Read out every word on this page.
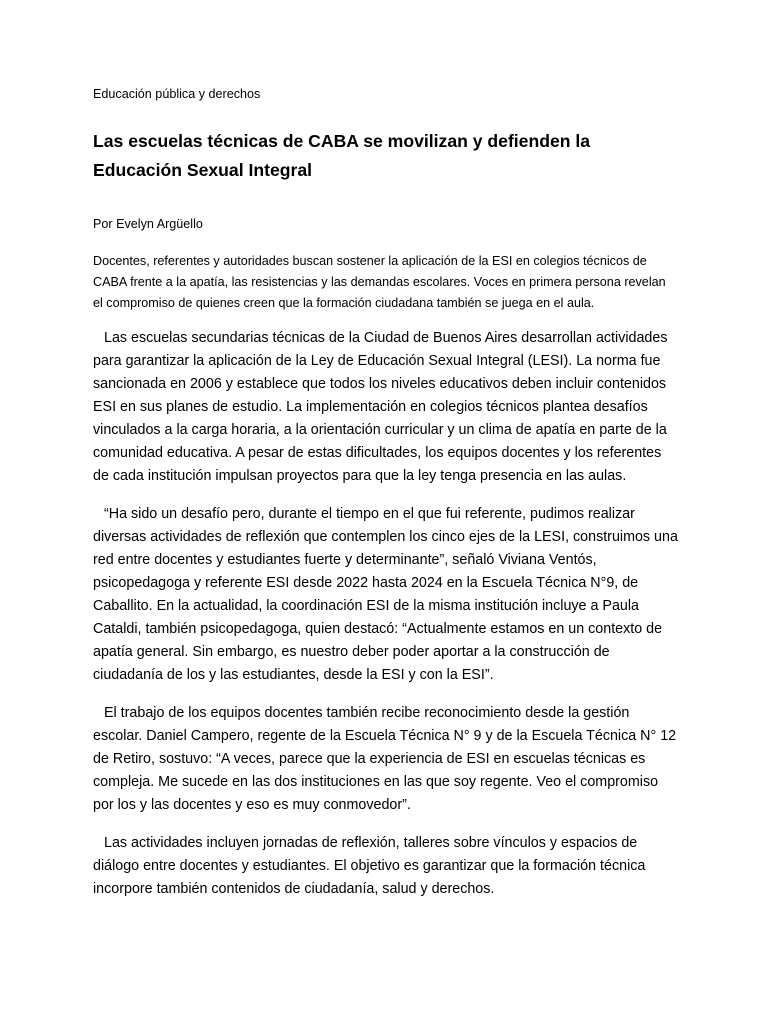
Educación pública y derechos
Las escuelas técnicas de CABA se movilizan y defienden la Educación Sexual Integral
Por Evelyn Argüello

Docentes, referentes y autoridades buscan sostener la aplicación de la ESI en colegios técnicos de CABA frente a la apatía, las resistencias y las demandas escolares. Voces en primera persona revelan el compromiso de quienes creen que la formación ciudadana también se juega en el aula.

Las escuelas secundarias técnicas de la Ciudad de Buenos Aires desarrollan actividades para garantizar la aplicación de la Ley de Educación Sexual Integral (LESI). La norma fue sancionada en 2006 y establece que todos los niveles educativos deben incluir contenidos ESI en sus planes de estudio. La implementación en colegios técnicos plantea desafíos vinculados a la carga horaria, a la orientación curricular y un clima de apatía en parte de la comunidad educativa. A pesar de estas dificultades, los equipos docentes y los referentes de cada institución impulsan proyectos para que la ley tenga presencia en las aulas.

“Ha sido un desafío pero, durante el tiempo en el que fui referente, pudimos realizar diversas actividades de reflexión que contemplen los cinco ejes de la LESI, construimos una red entre docentes y estudiantes fuerte y determinante”, señaló Viviana Ventós, psicopedagoga y referente ESI desde 2022 hasta 2024 en la Escuela Técnica N°9, de Caballito. En la actualidad, la coordinación ESI de la misma institución incluye a Paula Cataldi, también psicopedagoga, quien destacó: “Actualmente estamos en un contexto de apatía general. Sin embargo, es nuestro deber poder aportar a la construcción de ciudadanía de los y las estudiantes, desde la ESI y con la ESI”.

El trabajo de los equipos docentes también recibe reconocimiento desde la gestión escolar. Daniel Campero, regente de la Escuela Técnica N° 9 y de la Escuela Técnica N° 12 de Retiro, sostuvo: “A veces, parece que la experiencia de ESI en escuelas técnicas es compleja. Me sucede en las dos instituciones en las que soy regente. Veo el compromiso por los y las docentes y eso es muy conmovedor”.

Las actividades incluyen jornadas de reflexión, talleres sobre vínculos y espacios de diálogo entre docentes y estudiantes. El objetivo es garantizar que la formación técnica incorpore también contenidos de ciudadanía, salud y derechos.
